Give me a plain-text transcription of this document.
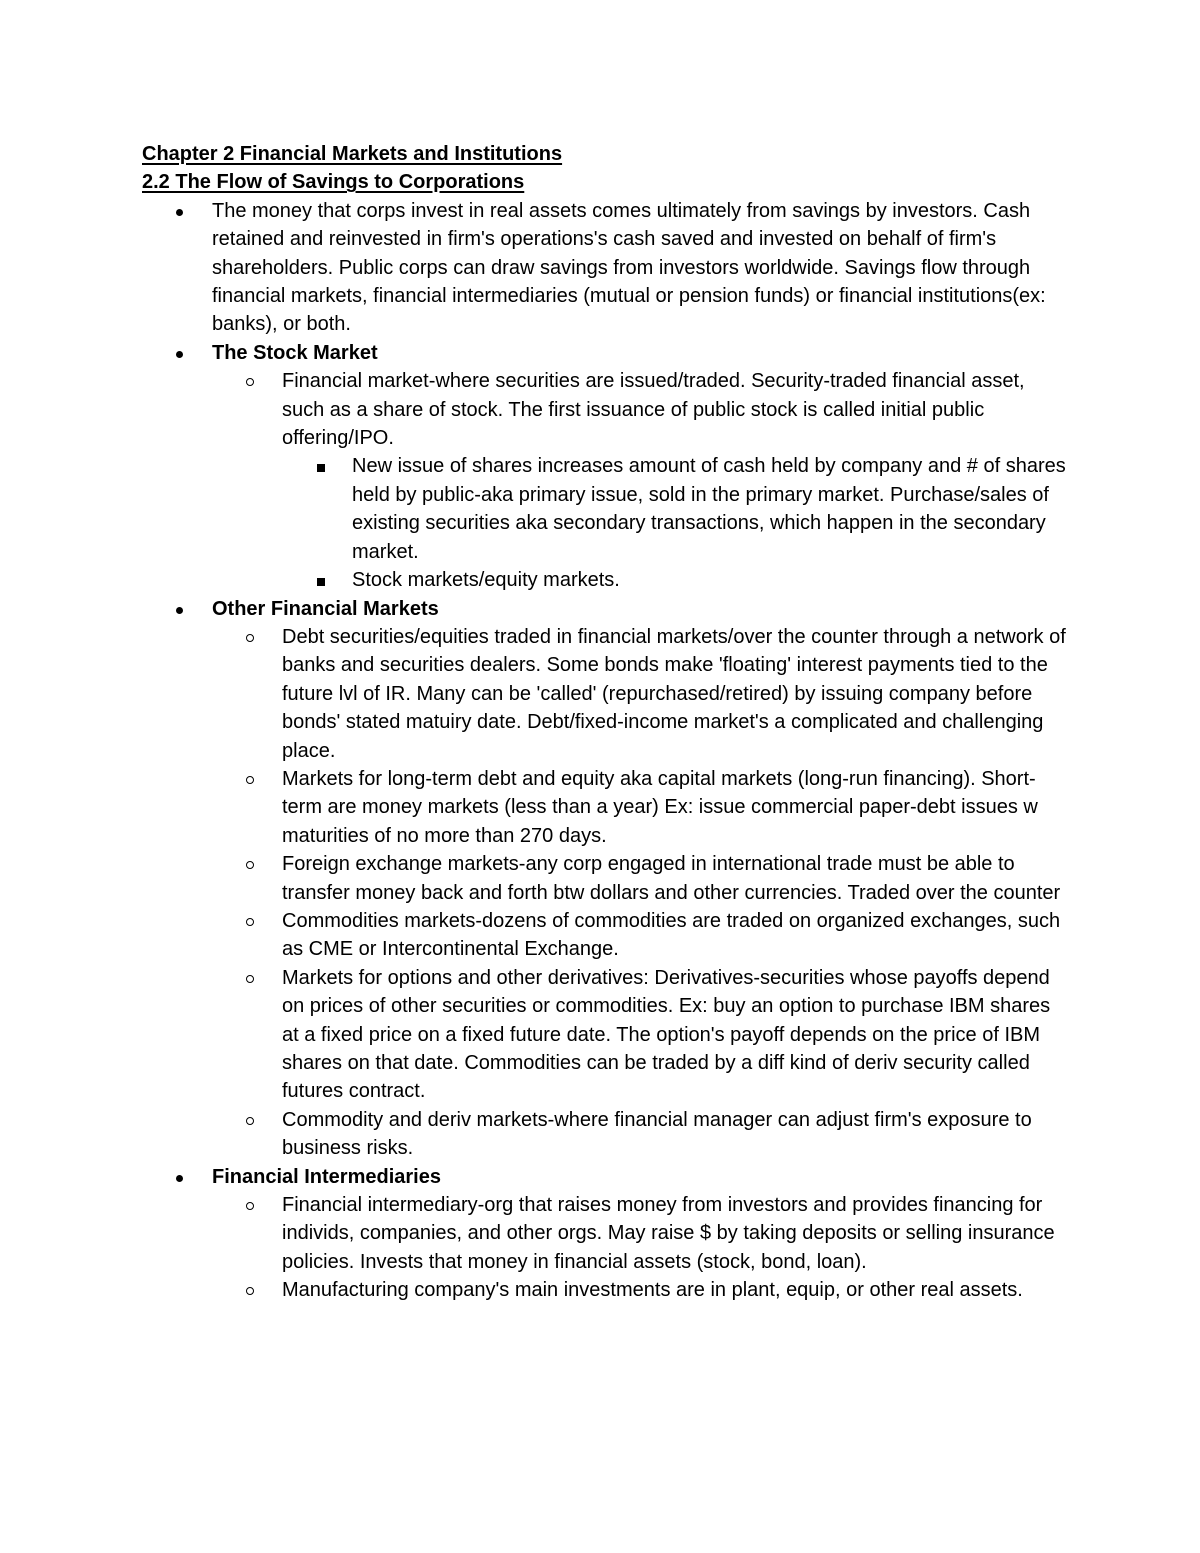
Chapter 2 Financial Markets and Institutions

2.2 The Flow of Savings to Corporations

The money that corps invest in real assets comes ultimately from savings by investors. Cash retained and reinvested in firm's operations's cash saved and invested on behalf of firm's shareholders. Public corps can draw savings from investors worldwide. Savings flow through financial markets, financial intermediaries (mutual or pension funds) or financial institutions(ex: banks), or both.
The Stock Market
Financial market-where securities are issued/traded. Security-traded financial asset, such as a share of stock. The first issuance of public stock is called initial public offering/IPO.
New issue of shares increases amount of cash held by company and # of shares held by public-aka primary issue, sold in the primary market. Purchase/sales of existing securities aka secondary transactions, which happen in the secondary market.
Stock markets/equity markets.
Other Financial Markets
Debt securities/equities traded in financial markets/over the counter through a network of banks and securities dealers. Some bonds make 'floating' interest payments tied to the future lvl of IR. Many can be 'called' (repurchased/retired) by issuing company before bonds' stated matuiry date. Debt/fixed-income market's a complicated and challenging place.
Markets for long-term debt and equity aka capital markets (long-run financing). Short-term are money markets (less than a year) Ex: issue commercial paper-debt issues w maturities of no more than 270 days.
Foreign exchange markets-any corp engaged in international trade must be able to transfer money back and forth btw dollars and other currencies. Traded over the counter
Commodities markets-dozens of commodities are traded on organized exchanges, such as CME or Intercontinental Exchange.
Markets for options and other derivatives: Derivatives-securities whose payoffs depend on prices of other securities or commodities. Ex: buy an option to purchase IBM shares at a fixed price on a fixed future date. The option's payoff depends on the price of IBM shares on that date. Commodities can be traded by a diff kind of deriv security called futures contract.
Commodity and deriv markets-where financial manager can adjust firm's exposure to business risks.
Financial Intermediaries
Financial intermediary-org that raises money from investors and provides financing for individs, companies, and other orgs. May raise $ by taking deposits or selling insurance policies. Invests that money in financial assets (stock, bond, loan).
Manufacturing company's main investments are in plant, equip, or other real assets.
